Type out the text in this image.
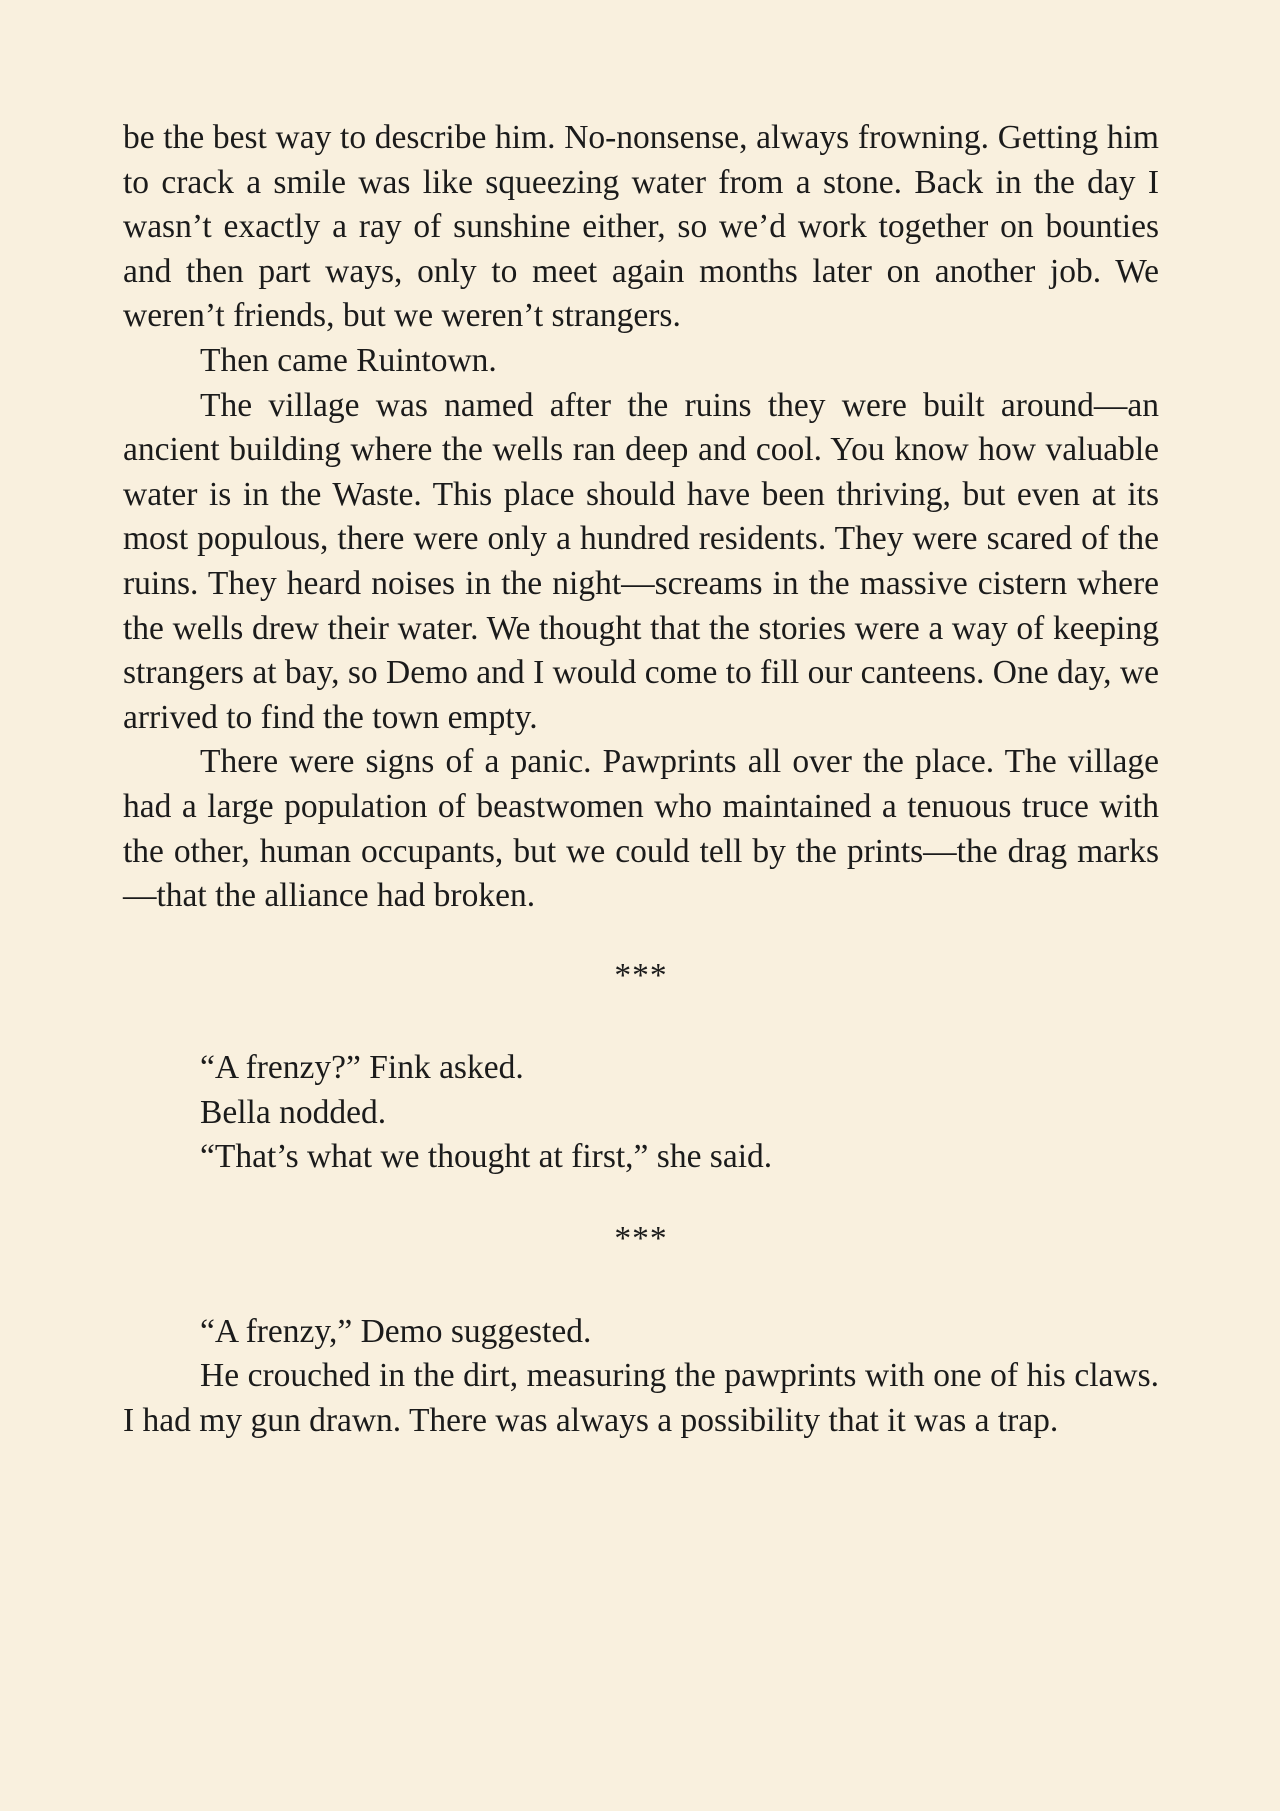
be the best way to describe him. No-nonsense, always frowning. Getting him to crack a smile was like squeezing water from a stone. Back in the day I wasn’t exactly a ray of sunshine either, so we’d work together on bounties and then part ways, only to meet again months later on another job. We weren’t friends, but we weren’t strangers.

Then came Ruintown.

The village was named after the ruins they were built around—an ancient building where the wells ran deep and cool. You know how valuable water is in the Waste. This place should have been thriving, but even at its most populous, there were only a hundred residents. They were scared of the ruins. They heard noises in the night—screams in the massive cistern where the wells drew their water. We thought that the stories were a way of keeping strangers at bay, so Demo and I would come to fill our canteens. One day, we arrived to find the town empty.

There were signs of a panic. Pawprints all over the place. The village had a large population of beastwomen who maintained a tenuous truce with the other, human occupants, but we could tell by the prints—the drag marks—that the alliance had broken.

***

“A frenzy?” Fink asked.

Bella nodded.

“That’s what we thought at first,” she said.

***

“A frenzy,” Demo suggested.

He crouched in the dirt, measuring the pawprints with one of his claws. I had my gun drawn. There was always a possibility that it was a trap.
